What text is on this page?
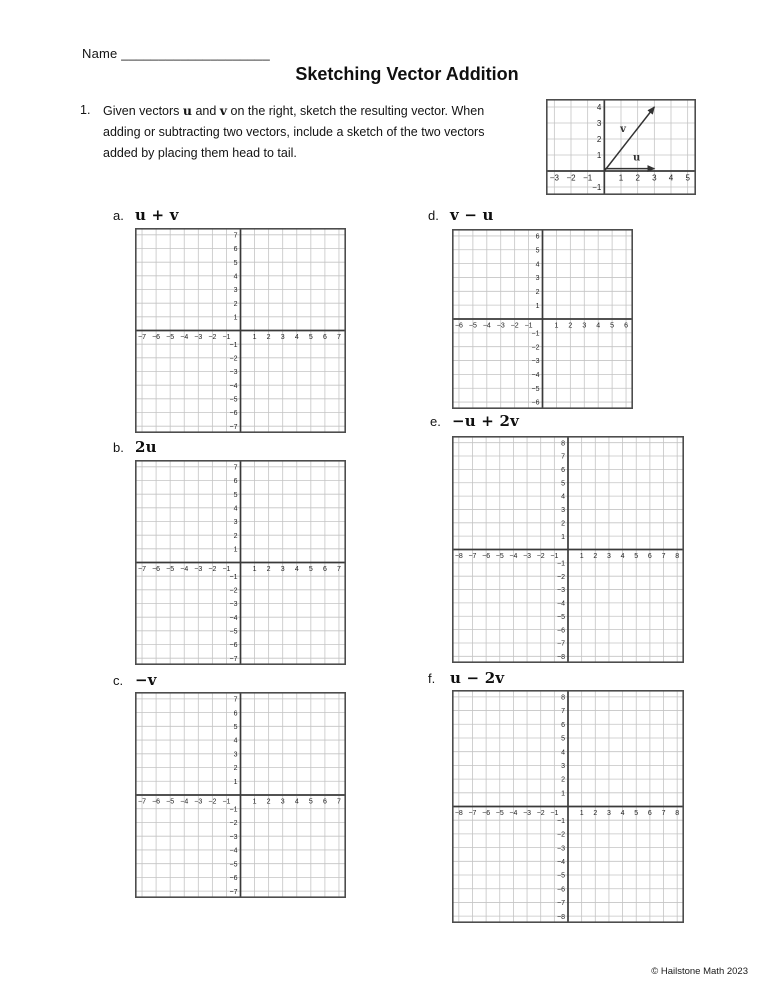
Name ____________________
Sketching Vector Addition
1. Given vectors u and v on the right, sketch the resulting vector. When
adding or subtracting two vectors, include a sketch of the two vectors
added by placing them head to tail.
−3 −2 −1	1 2 3 4 5
−1
1
2
3
4
u
v
a. u + v
−7 −6 −5 −4 −3 −2 −1	1 2 3 4 5 6 7
−7
−6
−5
−4
−3
−2
−1
1
2
3
4
5
6
7
b. 2u
−7 −6 −5 −4 −3 −2 −1	1 2 3 4 5 6 7
−7
−6
−5
−4
−3
−2
−1
1
2
3
4
5
6
7
c. −v
−7 −6 −5 −4 −3 −2 −1	1 2 3 4 5 6 7
−7
−6
−5
−4
−3
−2
−1
1
2
3
4
5
6
7
d. v − u
−6 −5 −4 −3 −2 −1	1 2 3 4 5 6
−6
−5
−4
−3
−2
−1
1
2
3
4
5
6
e. −u + 2v
−8 −7 −6 −5 −4 −3 −2 −1	1 2 3 4 5 6 7 8
−8
−7
−6
−5
−4
−3
−2
−1
1
2
3
4
5
6
7
8
f. u − 2v
−8 −7 −6 −5 −4 −3 −2 −1	1 2 3 4 5 6 7 8
−8
−7
−6
−5
−4
−3
−2
−1
1
2
3
4
5
6
7
8
© Hailstone Math 2023
